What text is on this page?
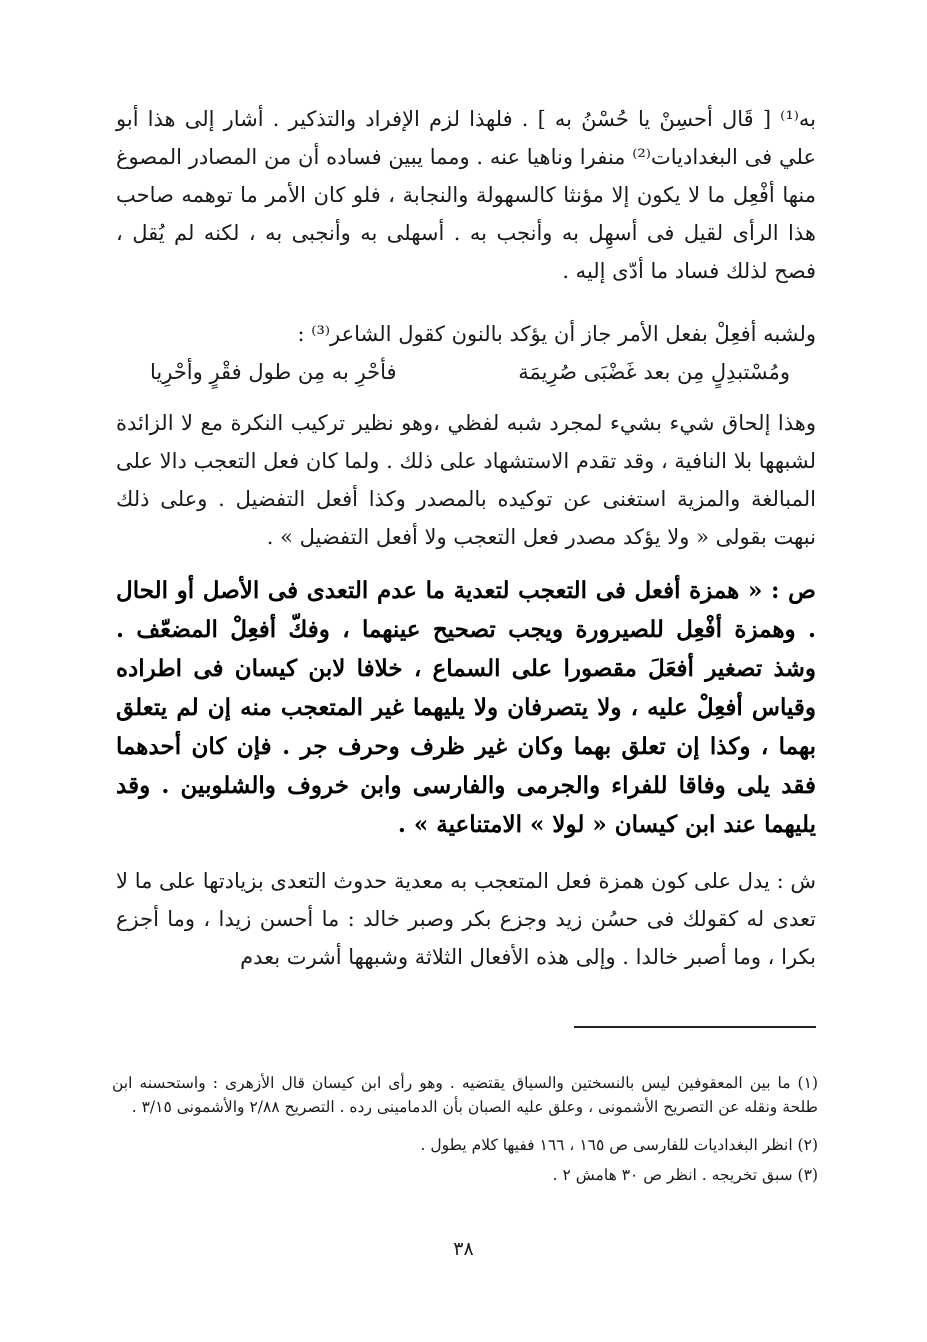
به⁽¹⁾ [ قَال أحسِنْ يا حُسْنُ به ] . فلهذا لزم الإفراد والتذكير . أشار إلى هذا أبو علي فى البغداديات⁽²⁾ منفرا وناهيا عنه . ومما يبين فساده أن من المصادر المصوغ منها أفْعِل ما لا يكون إلا مؤنثا كالسهولة والنجابة ، فلو كان الأمر ما توهمه صاحب هذا الرأى لقيل فى أسهِل به وأنجب به . أسهلى به وأنجبى به ، لكنه لم يُقل ، فصح لذلك فساد ما أدّى إليه .
ولشبه أفعِلْ بفعل الأمر جاز أن يؤكد بالنون كقول الشاعر⁽³⁾ :
ومُسْتبدِلٍ مِن بعد غَضْبَى صُرِيمَة
فأحْرِ به مِن طول فقْرٍ وأحْرِيا
وهذا إلحاق شيء بشيء لمجرد شبه لفظي ،وهو نظير تركيب النكرة مع لا الزائدة لشبهها بلا النافية ، وقد تقدم الاستشهاد على ذلك . ولما كان فعل التعجب دالا على المبالغة والمزية استغنى عن توكيده بالمصدر وكذا أفعل التفضيل . وعلى ذلك نبهت بقولى « ولا يؤكد مصدر فعل التعجب ولا أفعل التفضيل » .
ص : « همزة أفعل فى التعجب لتعدية ما عدم التعدى فى الأصل أو الحال . وهمزة أفْعِل للصيرورة ويجب تصحيح عينهما ، وفكّ أفعِلْ المضعّف . وشذ تصغير أفعَلَ مقصورا على السماع ، خلافا لابن كيسان فى اطراده وقياس أفعِلْ عليه ، ولا يتصرفان ولا يليهما غير المتعجب منه إن لم يتعلق بهما ، وكذا إن تعلق بهما وكان غير ظرف وحرف جر . فإن كان أحدهما فقد يلى وفاقا للفراء والجرمى والفارسى وابن خروف والشلوبين . وقد يليهما عند ابن كيسان « لولا » الامتناعية » .
ش : يدل على كون همزة فعل المتعجب به معدية حدوث التعدى بزيادتها على ما لا تعدى له كقولك فى حسُن زيد وجزع بكر وصبر خالد : ما أحسن زيدا ، وما أجزع بكرا ، وما أصبر خالدا . وإلى هذه الأفعال الثلاثة وشبهها أشرت بعدم
(١) ما بين المعقوفين ليس بالنسختين والسياق يقتضيه . وهو رأى ابن كيسان قال الأزهرى : واستحسنه ابن طلحة ونقله عن التصريح الأشمونى ، وعلق عليه الصبان بأن الدمامينى رده . التصريح ٢/٨٨ والأشمونى ٣/١٥ .
(٢) انظر البغداديات للفارسى ص ١٦٥ ، ١٦٦ ففيها كلام يطول .
(٣) سبق تخريجه . انظر ص ٣٠ هامش ٢ .
٣٨
